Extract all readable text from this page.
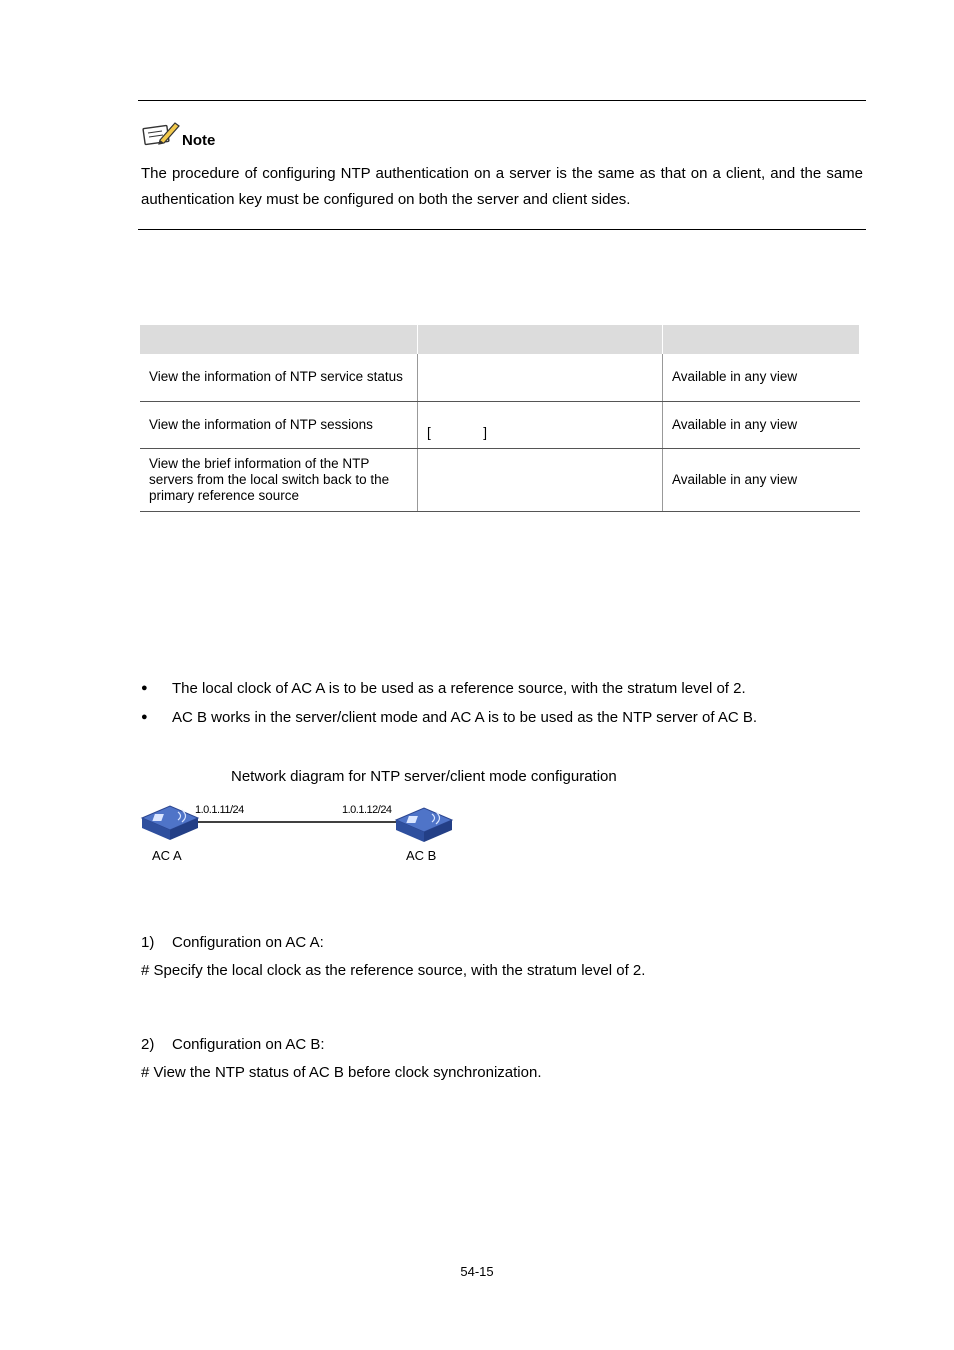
Note
The procedure of configuring NTP authentication on a server is the same as that on a client, and the same authentication key must be configured on both the server and client sides.

View the information of NTP service status		Available in any view
View the information of NTP sessions	[              ]	Available in any view
View the brief information of the NTP servers from the local switch back to the primary reference source		Available in any view
● The local clock of AC A is to be used as a reference source, with the stratum level of 2.
● AC B works in the server/client mode and AC A is to be used as the NTP server of AC B.
Network diagram for NTP server/client mode configuration
1.0.1.11/24	1.0.1.12/24
AC A	AC B
1) Configuration on AC A:
# Specify the local clock as the reference source, with the stratum level of 2.
2) Configuration on AC B:
# View the NTP status of AC B before clock synchronization.
54-15
